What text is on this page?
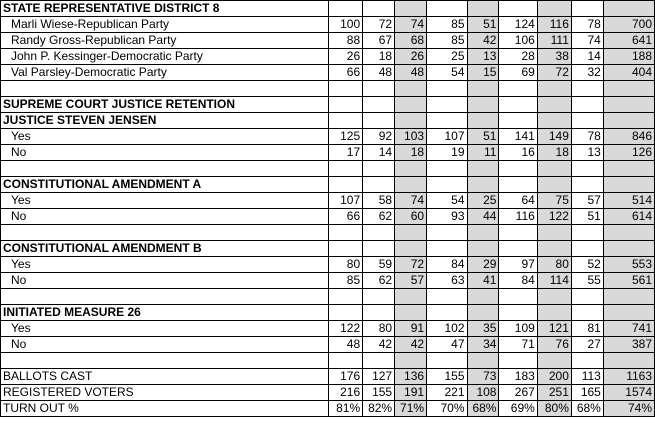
STATE REPRESENTATIVE DISTRICT 8									
Marli Wiese-Republican Party	100	72	74	85	51	124	116	78	700
Randy Gross-Republican Party	88	67	68	85	42	106	111	74	641
John P. Kessinger-Democratic Party	26	18	26	25	13	28	38	14	188
Val Parsley-Democratic Party	66	48	48	54	15	69	72	32	404

SUPREME COURT JUSTICE RETENTION									
JUSTICE STEVEN JENSEN									
Yes	125	92	103	107	51	141	149	78	846
No	17	14	18	19	11	16	18	13	126

CONSTITUTIONAL AMENDMENT A									
Yes	107	58	74	54	25	64	75	57	514
No	66	62	60	93	44	116	122	51	614

CONSTITUTIONAL AMENDMENT B									
Yes	80	59	72	84	29	97	80	52	553
No	85	62	57	63	41	84	114	55	561

INITIATED MEASURE 26									
Yes	122	80	91	102	35	109	121	81	741
No	48	42	42	47	34	71	76	27	387

BALLOTS CAST	176	127	136	155	73	183	200	113	1163
REGISTERED VOTERS	216	155	191	221	108	267	251	165	1574
TURN OUT %	81%	82%	71%	70%	68%	69%	80%	68%	74%
